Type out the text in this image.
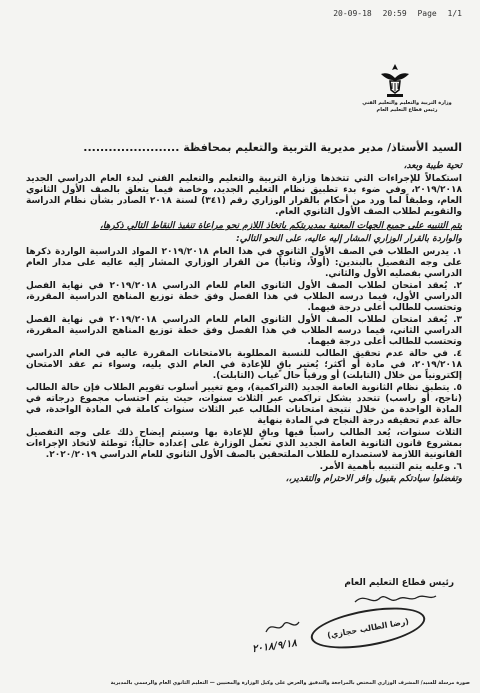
20-09-18 20:59 Page 1/1
وزارة التربية والتعليم والتعليم الفني
رئيس قطاع التعليم العام

السيد الأستاذ/ مدير مديرية التربية والتعليم بمحافظة .......................

تحية طيبة وبعد،

استكمالاً للإجراءات التي تتخذها وزارة التربية والتعليم والتعليم الفني لبدء العام الدراسي الجديد ٢٠١٩/٢٠١٨، وفي ضوء بدء تطبيق نظام التعليم الجديد، وخاصة فيما يتعلق بالصف الأول الثانوي العام، وطبقاً لما ورد من أحكام بالقرار الوزاري رقم (٣٤١) لسنة ٢٠١٨ الصادر بشأن نظام الدراسة والتقويم لطلاب الصف الأول الثانوي العام.

يتم التنبيه على جميع الجهات المعنية بمديريتكم باتخاذ اللازم نحو مراعاة تنفيذ النقاط التالي ذكرها،

والواردة بالقرار الوزاري المشار إليه عاليه، على النحو التالي:

١. يدرس الطلاب في الصف الأول الثانوي في هذا العام ٢٠١٩/٢٠١٨ المواد الدراسية الواردة ذكرها على وجه التفصيل بالبندين: (أولاً، وثانياً) من القرار الوزاري المشار إليه عاليه على مدار العام الدراسي بفصليه الأول والثاني.
٢. يُعقد امتحان لطلاب الصف الأول الثانوي العام للعام الدراسي ٢٠١٩/٢٠١٨ في نهاية الفصل الدراسي الأول، فيما درسه الطلاب في هذا الفصل وفق خطة توزيع المناهج الدراسية المقررة، وتحتسب للطالب أعلى درجة فيهما.
٣. يُعقد امتحان لطلاب الصف الأول الثانوي العام للعام الدراسي ٢٠١٩/٢٠١٨ في نهاية الفصل الدراسي الثاني، فيما درسه الطلاب في هذا الفصل وفق خطة توزيع المناهج الدراسية المقررة، وتحتسب للطالب أعلى درجة فيهما.
٤. في حالة عدم تحقيق الطالب للنسبة المطلوبة بالامتحانات المقررة عاليه في العام الدراسي ٢٠١٩/٢٠١٨، في مادة أو أكثر؛ يُعتبر باقٍ للإعادة في العام الذي يليه، وسواء تم عقد الامتحان إلكترونياً من خلال (التابلت) أو ورقياً حال غياب (التابلت).
٥. يتطبق نظام الثانوية العامة الجديد (التراكمية)، ومع تغيير أسلوب تقويم الطلاب فإن حالة الطالب (ناجح، أو راسب) تتحدد بشكل تراكمي عبر الثلاث سنوات، حيث يتم احتساب مجموع درجاته في المادة الواحدة من خلال نتيجة امتحانات الطالب عبر الثلاث سنوات كاملة في المادة الواحدة، في حالة عدم تحقيقه درجة النجاح في المادة بنهاية
الثلاث سنوات، يُعد الطالب راسباً فيها وباقٍ للإعادة بها وسيتم إيضاح ذلك على وجه التفصيل بمشروع قانون الثانوية العامة الجديد الذي تعمل الوزارة على إعداده حالياً؛ توطئة لاتخاذ الإجراءات القانونية اللازمة لاستصداره للطلاب الملتحقين بالصف الأول الثانوي للعام الدراسي ٢٠٢٠/٢٠١٩.
٦. وعليه يتم التنبيه بأهمية الأمر.

وتفضلوا سيادتكم بقبول وافر الاحترام والتقدير،،

رئيس قطاع التعليم العام
(رضا الطالب حجازي)
٢٠١٨/٩/١٨
صورة مرسلة للسيد/ المشرف الوزاري المختص بالمراجعة والتدقيق والعرض على وكيل الوزارة والمعنيين — التعليم الثانوي العام والرسمي بالمديرية
